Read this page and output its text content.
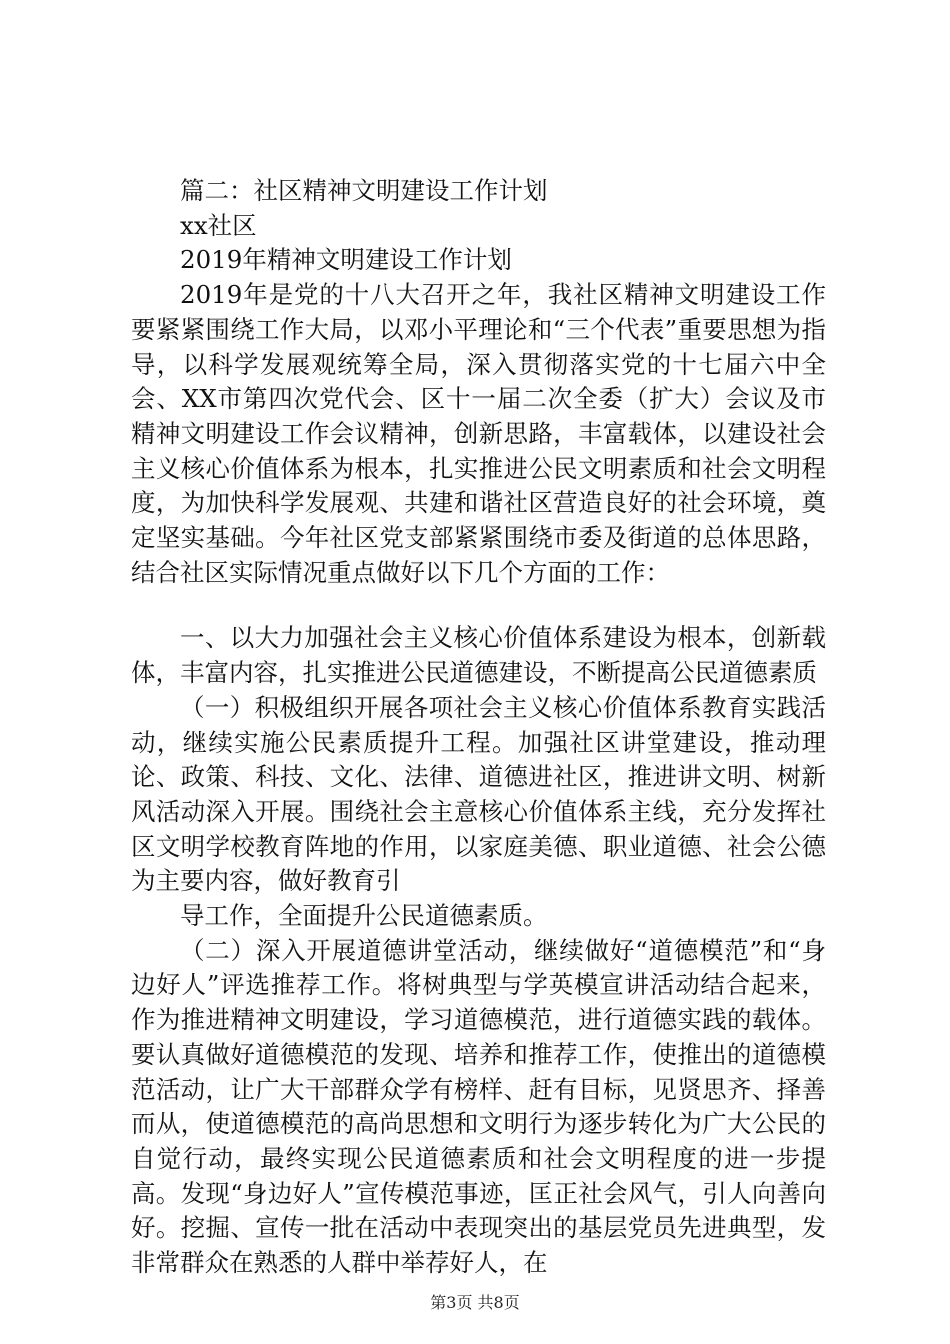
篇二：社区精神文明建设工作计划

xx社区

2019年精神文明建设工作计划

2019年是党的十八大召开之年，我社区精神文明建设工作要紧紧围绕工作大局，以邓小平理论和“三个代表”重要思想为指导，以科学发展观统筹全局，深入贯彻落实党的十七届六中全会、XX市第四次党代会、区十一届二次全委（扩大）会议及市精神文明建设工作会议精神，创新思路，丰富载体，以建设社会主义核心价值体系为根本，扎实推进公民文明素质和社会文明程度，为加快科学发展观、共建和谐社区营造良好的社会环境，奠定坚实基础。今年社区党支部紧紧围绕市委及街道的总体思路，结合社区实际情况重点做好以下几个方面的工作：

一、以大力加强社会主义核心价值体系建设为根本，创新载体，丰富内容，扎实推进公民道德建设，不断提高公民道德素质

（一）积极组织开展各项社会主义核心价值体系教育实践活动，继续实施公民素质提升工程。加强社区讲堂建设，推动理论、政策、科技、文化、法律、道德进社区，推进讲文明、树新风活动深入开展。围绕社会主意核心价值体系主线，充分发挥社区文明学校教育阵地的作用，以家庭美德、职业道德、社会公德为主要内容，做好教育引

导工作，全面提升公民道德素质。

（二）深入开展道德讲堂活动，继续做好“道德模范”和“身边好人”评选推荐工作。将树典型与学英模宣讲活动结合起来，作为推进精神文明建设，学习道德模范，进行道德实践的载体。要认真做好道德模范的发现、培养和推荐工作，使推出的道德模范活动，让广大干部群众学有榜样、赶有目标，见贤思齐、择善而从，使道德模范的高尚思想和文明行为逐步转化为广大公民的自觉行动，最终实现公民道德素质和社会文明程度的进一步提高。发现“身边好人”宣传模范事迹，匡正社会风气，引人向善向好。挖掘、宣传一批在活动中表现突出的基层党员先进典型，发非常群众在熟悉的人群中举荐好人，在

第3页 共8页
